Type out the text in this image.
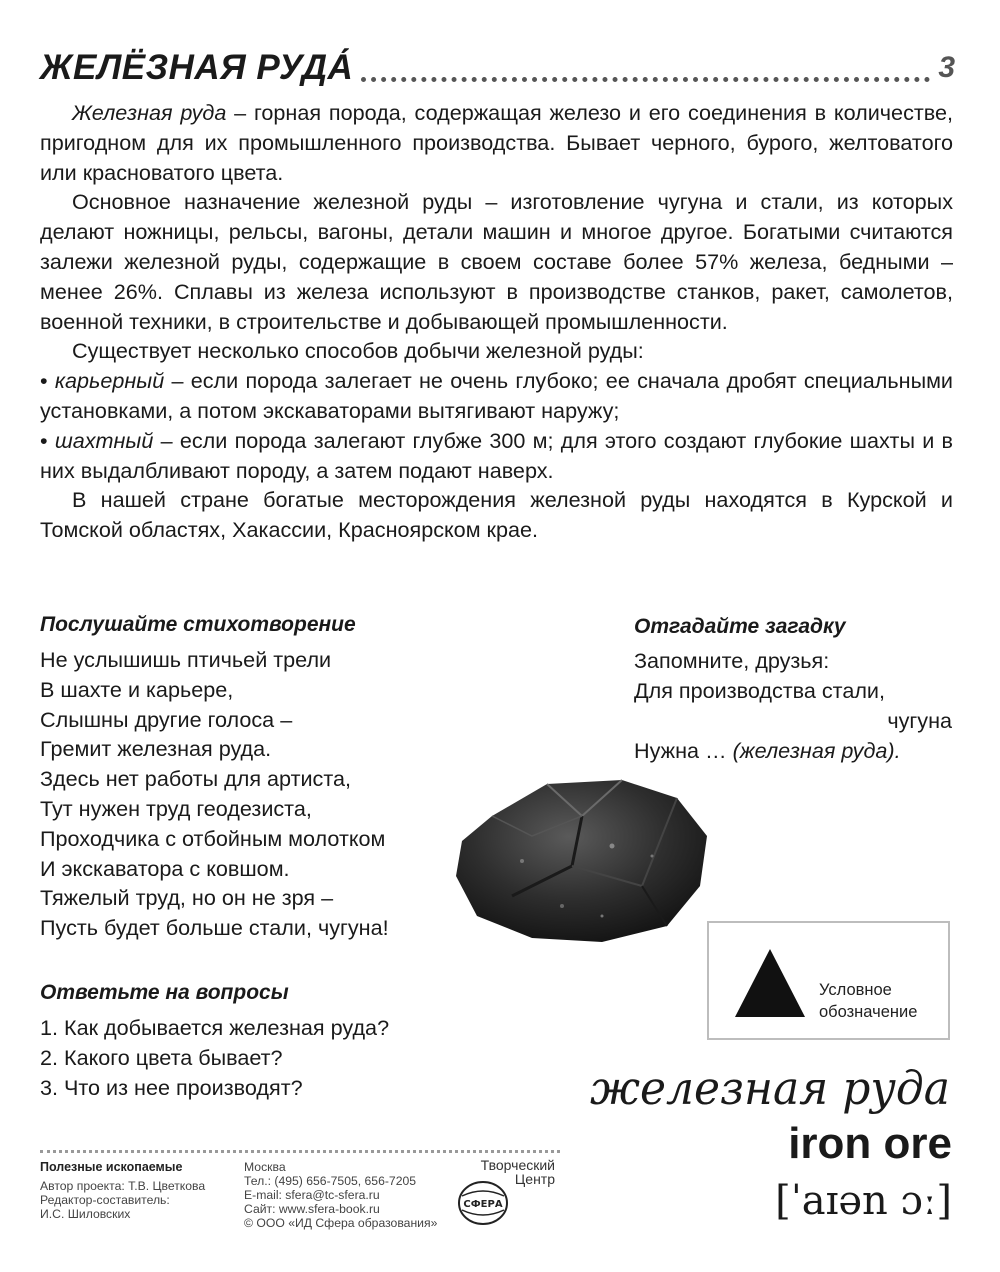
ЖЕЛЁЗНАЯ РУДА́	3

Железная руда – горная порода, содержащая железо и его соединения в количестве, пригодном для их промышленного производства. Бывает черного, бурого, желтоватого или красноватого цвета.

Основное назначение железной руды – изготовление чугуна и стали, из которых делают ножницы, рельсы, вагоны, детали машин и многое другое. Богатыми считаются залежи железной руды, содержащие в своем составе более 57% железа, бедными – менее 26%. Сплавы из железа используют в производстве станков, ракет, самолетов, военной техники, в строительстве и добывающей промышленности.

Существует несколько способов добычи железной руды:

• карьерный – если порода залегает не очень глубоко; ее сначала дробят специальными установками, а потом экскаваторами вытягивают наружу;

• шахтный – если порода залегают глубже 300 м; для этого создают глубокие шахты и в них выдалбливают породу, а затем подают наверх.

В нашей стране богатые месторождения железной руды находятся в Курской и Томской областях, Хакассии, Красноярском крае.

Послушайте стихотворение
Не услышишь птичьей трели
В шахте и карьере,
Слышны другие голоса –
Гремит железная руда.
Здесь нет работы для артиста,
Тут нужен труд геодезиста,
Проходчика с отбойным молотком
И экскаватора с ковшом.
Тяжелый труд, но он не зря –
Пусть будет больше стали, чугуна!
Отгадайте загадку
Запомните, друзья:
Для производства стали,
чугуна
Нужна … (железная руда).
Ответьте на вопросы
1. Как добывается железная руда?
2. Какого цвета бывает?
3. Что из нее производят?
Условное
обозначение
железная руда
iron ore
[ˈaɪən ɔː]
Полезные ископаемые
Автор проекта: Т.В. Цветкова
Редактор-составитель:
И.С. Шиловских
Москва
Тел.: (495) 656-7505, 656-7205
E-mail: sfera@tc-sfera.ru
Сайт: www.sfera-book.ru
© ООО «ИД Сфера образования»
Творческий
Центр
СФЕРА
